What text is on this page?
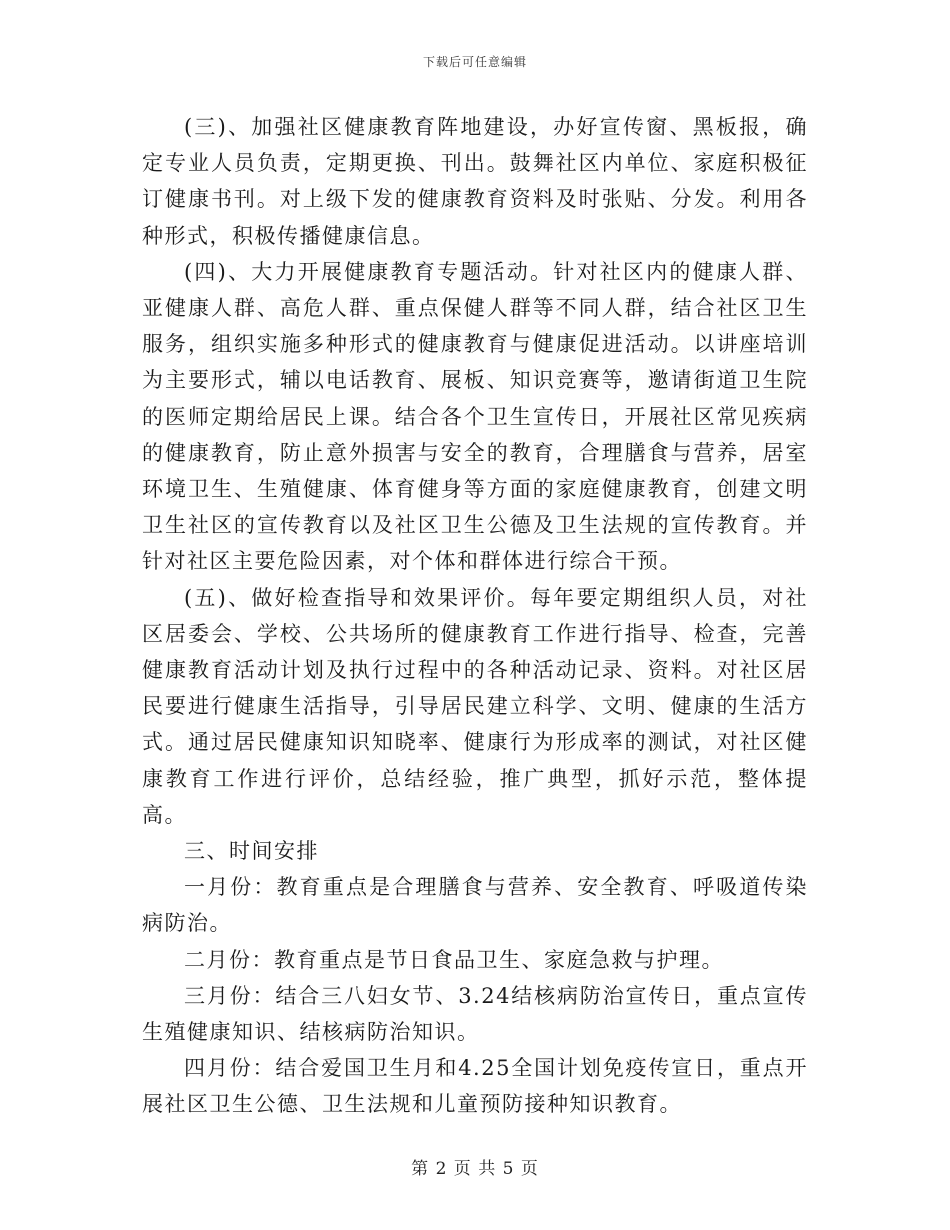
下载后可任意编辑

(三)、加强社区健康教育阵地建设，办好宣传窗、黑板报，确定专业人员负责，定期更换、刊出。鼓舞社区内单位、家庭积极征订健康书刊。对上级下发的健康教育资料及时张贴、分发。利用各种形式，积极传播健康信息。

(四)、大力开展健康教育专题活动。针对社区内的健康人群、亚健康人群、高危人群、重点保健人群等不同人群，结合社区卫生服务，组织实施多种形式的健康教育与健康促进活动。以讲座培训为主要形式，辅以电话教育、展板、知识竞赛等，邀请街道卫生院的医师定期给居民上课。结合各个卫生宣传日，开展社区常见疾病的健康教育，防止意外损害与安全的教育，合理膳食与营养，居室环境卫生、生殖健康、体育健身等方面的家庭健康教育，创建文明卫生社区的宣传教育以及社区卫生公德及卫生法规的宣传教育。并针对社区主要危险因素，对个体和群体进行综合干预。

(五)、做好检查指导和效果评价。每年要定期组织人员，对社区居委会、学校、公共场所的健康教育工作进行指导、检查，完善健康教育活动计划及执行过程中的各种活动记录、资料。对社区居民要进行健康生活指导，引导居民建立科学、文明、健康的生活方式。通过居民健康知识知晓率、健康行为形成率的测试，对社区健康教育工作进行评价，总结经验，推广典型，抓好示范，整体提高。

三、时间安排

一月份：教育重点是合理膳食与营养、安全教育、呼吸道传染病防治。

二月份：教育重点是节日食品卫生、家庭急救与护理。

三月份：结合三八妇女节、3.24结核病防治宣传日，重点宣传生殖健康知识、结核病防治知识。

四月份：结合爱国卫生月和4.25全国计划免疫传宣日，重点开展社区卫生公德、卫生法规和儿童预防接种知识教育。

第 2 页 共 5 页
